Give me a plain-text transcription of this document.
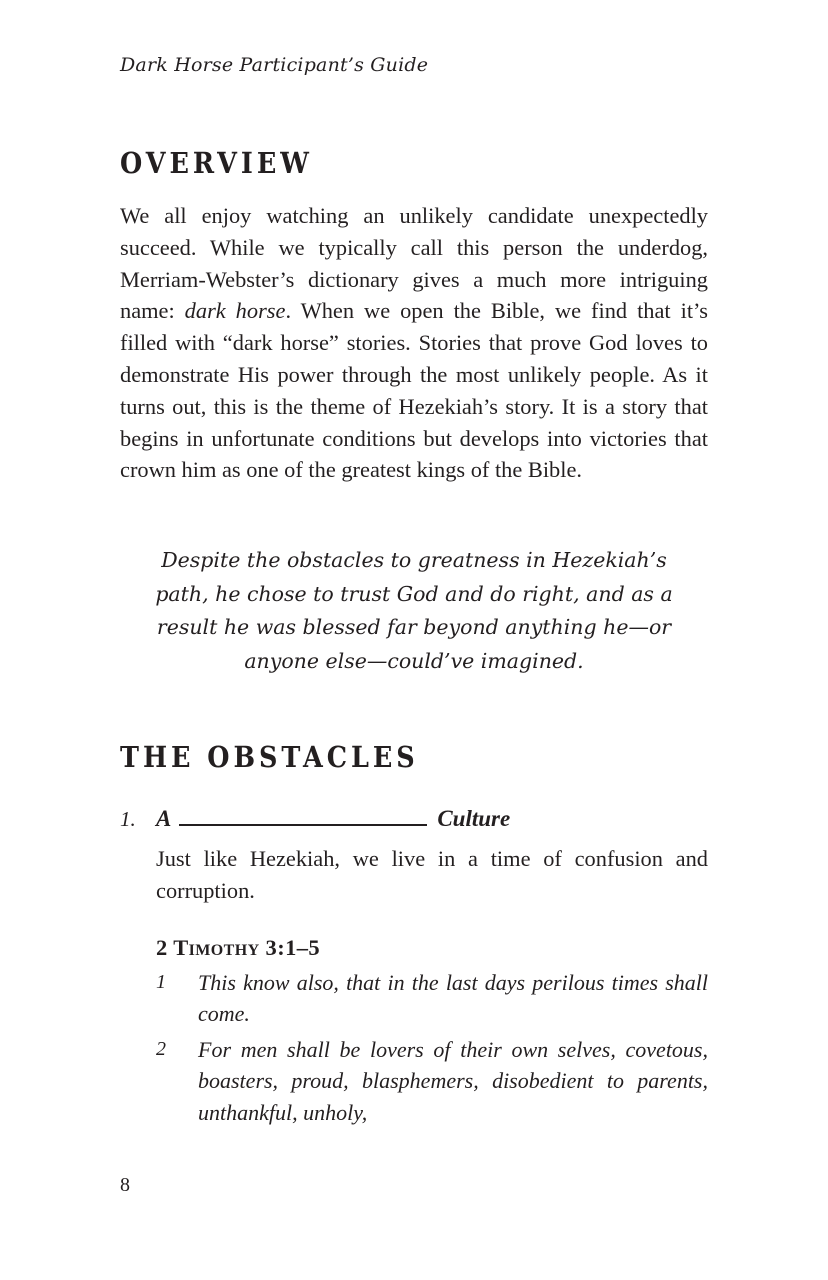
Dark Horse Participant’s Guide
OVERVIEW

We all enjoy watching an unlikely candidate unexpectedly succeed. While we typically call this person the underdog, Merriam-Webster’s dictionary gives a much more intriguing name: dark horse. When we open the Bible, we find that it’s filled with “dark horse” stories. Stories that prove God loves to demonstrate His power through the most unlikely people. As it turns out, this is the theme of Hezekiah’s story. It is a story that begins in unfortunate conditions but develops into victories that crown him as one of the greatest kings of the Bible.

Despite the obstacles to greatness in Hezekiah’s path, he chose to trust God and do right, and as a result he was blessed far beyond anything he—or anyone else—could’ve imagined.
THE OBSTACLES
1. A	Culture

Just like Hezekiah, we live in a time of confusion and corruption.

2 Timothy 3:1–5
1	This know also, that in the last days perilous times shall come.
2	For men shall be lovers of their own selves, covetous, boasters, proud, blasphemers, disobedient to parents, unthankful, unholy,
8
